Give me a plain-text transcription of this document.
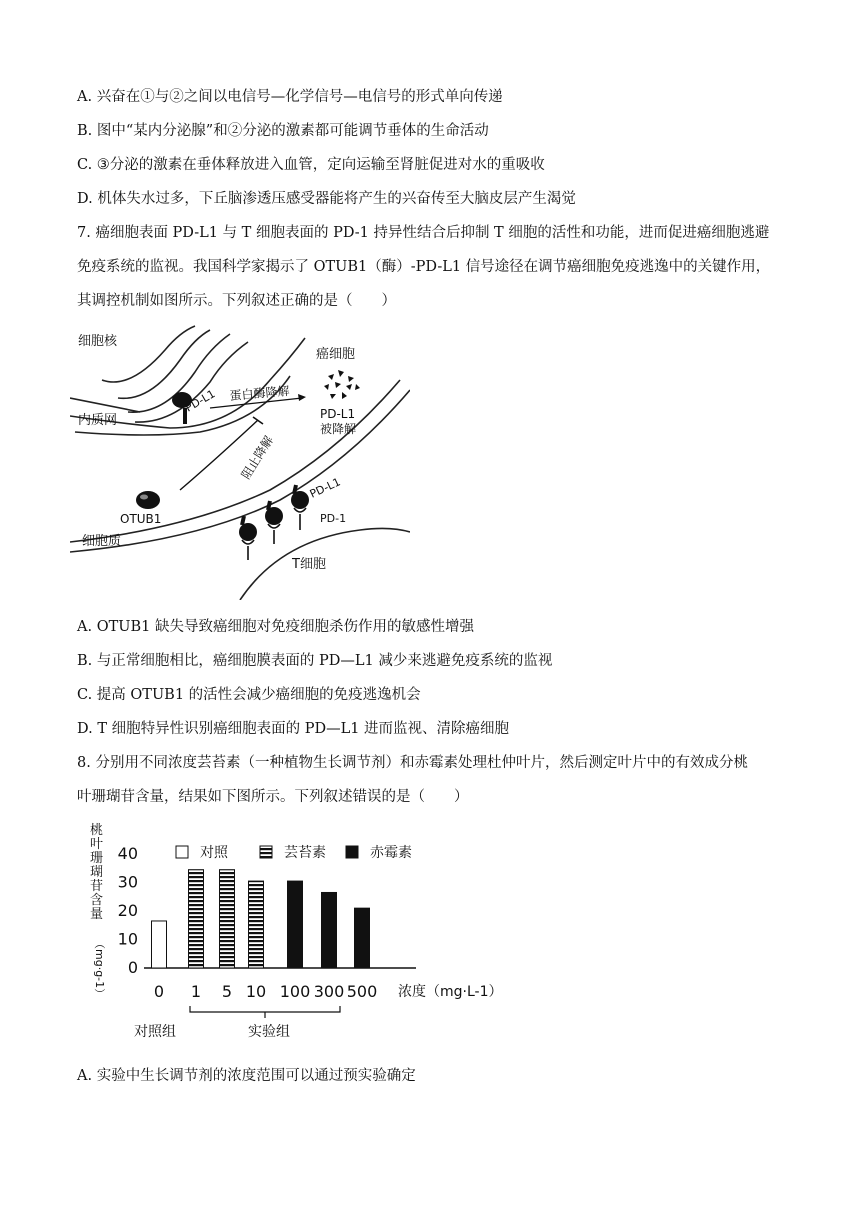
A. 兴奋在①与②之间以电信号—化学信号—电信号的形式单向传递
B. 图中“某内分泌腺”和②分泌的激素都可能调节垂体的生命活动
C. ③分泌的激素在垂体释放进入血管，定向运输至肾脏促进对水的重吸收
D. 机体失水过多，下丘脑渗透压感受器能将产生的兴奋传至大脑皮层产生渴觉
7. 癌细胞表面 PD-L1 与 T 细胞表面的 PD-1 持异性结合后抑制 T 细胞的活性和功能，进而促进癌细胞逃避
免疫系统的监视。我国科学家揭示了 OTUB1（酶）-PD-L1 信号途径在调节癌细胞免疫逃逸中的关键作用，
其调控机制如图所示。下列叙述正确的是（　　）
PD-L1 蛋白酶降解
癌细胞
PD-L1
被降解
阻止降解
OTUB1
PD-L1
PD-1
细胞质
T细胞
细胞核
内质网
A. OTUB1 缺失导致癌细胞对免疫细胞杀伤作用的敏感性增强
B. 与正常细胞相比，癌细胞膜表面的 PD—L1 减少来逃避免疫系统的监视
C. 提高 OTUB1 的活性会减少癌细胞的免疫逃逸机会
D. T 细胞特异性识别癌细胞表面的 PD—L1 进而监视、清除癌细胞
8. 分别用不同浓度芸苔素（一种植物生长调节剂）和赤霉素处理杜仲叶片，然后测定叶片中的有效成分桃
叶珊瑚苷含量，结果如下图所示。下列叙述错误的是（　　）
桃
叶
珊
瑚
苷
含
量
（mg·g-1）
40
30
20
10
0
0 1 5 10 100 300 500 浓度（mg·L-1）
对照	芸苔素	赤霉素
对照组	实验组
A. 实验中生长调节剂的浓度范围可以通过预实验确定
